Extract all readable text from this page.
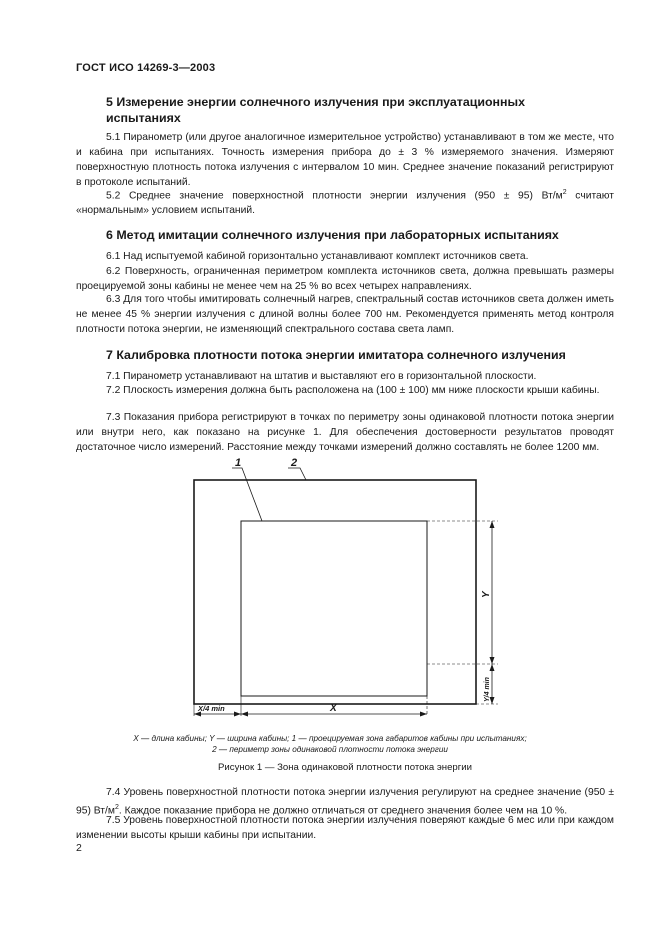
ГОСТ ИСО 14269-3—2003
5 Измерение энергии солнечного излучения при эксплуатационных
испытаниях

5.1 Пиранометр (или другое аналогичное измерительное устройство) устанавливают в том же месте, что и кабина при испытаниях. Точность измерения прибора до ± 3 % измеряемого значения. Измеряют поверхностную плотность потока излучения с интервалом 10 мин. Среднее значение показаний регистрируют в протоколе испытаний.

5.2 Среднее значение поверхностной плотности энергии излучения (950 ± 95) $Вт/м^2$ считают «нормальным» условием испытаний.

6 Метод имитации солнечного излучения при лабораторных испытаниях

6.1 Над испытуемой кабиной горизонтально устанавливают комплект источников света.

6.2 Поверхность, ограниченная периметром комплекта источников света, должна превышать размеры проецируемой зоны кабины не менее чем на 25 % во всех четырех направлениях.

6.3 Для того чтобы имитировать солнечный нагрев, спектральный состав источников света должен иметь не менее 45 % энергии излучения с длиной волны более 700 нм. Рекомендуется применять метод контроля плотности потока энергии, не изменяющий спектрального состава света ламп.

7 Калибровка плотности потока энергии имитатора солнечного излучения

7.1 Пиранометр устанавливают на штатив и выставляют его в горизонтальной плоскости.

7.2 Плоскость измерения должна быть расположена на (100 ± 100) мм ниже плоскости крыши кабины.

7.3 Показания прибора регистрируют в точках по периметру зоны одинаковой плотности потока энергии или внутри него, как показано на рисунке 1. Для обеспечения достоверности результатов проводят достаточное число измерений. Расстояние между точками измерений должно составлять не более 1200 мм.

1	2
X
X/4 min
Y
Y/4 min
X — длина кабины; Y — ширина кабины; 1 — проецируемая зона габаритов кабины при испытаниях;
2 — периметр зоны одинаковой плотности потока энергии
Рисунок 1 — Зона одинаковой плотности потока энергии

7.4 Уровень поверхностной плотности потока энергии излучения регулируют на среднее значение (950 ± 95) $Вт/м^2$. Каждое показание прибора не должно отличаться от среднего значения более чем на 10 %.

7.5 Уровень поверхностной плотности потока энергии излучения поверяют каждые 6 мес или при каждом изменении высоты крыши кабины при испытании.

2
